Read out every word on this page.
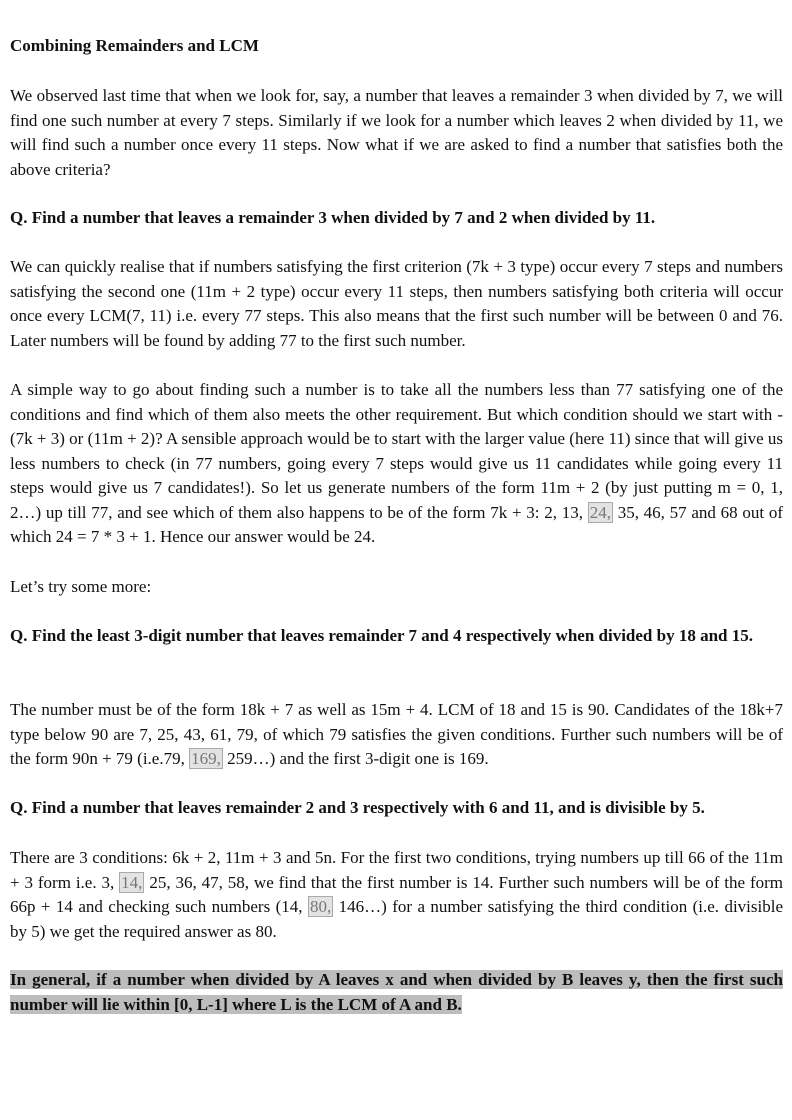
Combining Remainders and LCM

We observed last time that when we look for, say, a number that leaves a remainder 3 when divided by 7, we will find one such number at every 7 steps. Similarly if we look for a number which leaves 2 when divided by 11, we will find such a number once every 11 steps. Now what if we are asked to find a number that satisfies both the above criteria?

Q. Find a number that leaves a remainder 3 when divided by 7 and 2 when divided by 11.

We can quickly realise that if numbers satisfying the first criterion (7k + 3 type) occur every 7 steps and numbers satisfying the second one (11m + 2 type) occur every 11 steps, then numbers satisfying both criteria will occur once every LCM(7, 11) i.e. every 77 steps. This also means that the first such number will be between 0 and 76. Later numbers will be found by adding 77 to the first such number.

A simple way to go about finding such a number is to take all the numbers less than 77 satisfying one of the conditions and find which of them also meets the other requirement. But which condition should we start with - (7k + 3) or (11m + 2)? A sensible approach would be to start with the larger value (here 11) since that will give us less numbers to check (in 77 numbers, going every 7 steps would give us 11 candidates while going every 11 steps would give us 7 candidates!). So let us generate numbers of the form 11m + 2 (by just putting m = 0, 1, 2…) up till 77, and see which of them also happens to be of the form 7k + 3: 2, 13, 24, 35, 46, 57 and 68 out of which 24 = 7 * 3 + 1. Hence our answer would be 24.

Let’s try some more:

Q. Find the least 3-digit number that leaves remainder 7 and 4 respectively when divided by 18 and 15.

The number must be of the form 18k + 7 as well as 15m + 4. LCM of 18 and 15 is 90. Candidates of the 18k+7 type below 90 are 7, 25, 43, 61, 79, of which 79 satisfies the given conditions. Further such numbers will be of the form 90n + 79 (i.e.79, 169, 259…) and the first 3-digit one is 169.

Q. Find a number that leaves remainder 2 and 3 respectively with 6 and 11, and is divisible by 5.

There are 3 conditions: 6k + 2, 11m + 3 and 5n. For the first two conditions, trying numbers up till 66 of the 11m + 3 form i.e. 3, 14, 25, 36, 47, 58, we find that the first number is 14. Further such numbers will be of the form 66p + 14 and checking such numbers (14, 80, 146…) for a number satisfying the third condition (i.e. divisible by 5) we get the required answer as 80.

In general, if a number when divided by A leaves x and when divided by B leaves y, then the first such number will lie within [0, L-1] where L is the LCM of A and B.
